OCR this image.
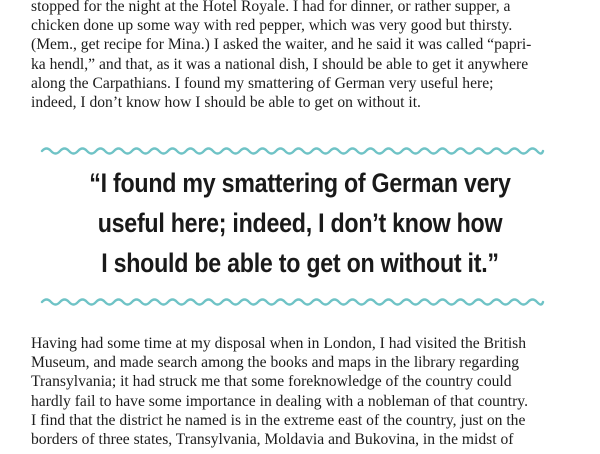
stopped for the night at the Hotel Royale. I had for dinner, or rather supper, a
chicken done up some way with red pepper, which was very good but thirsty.
(Mem., get recipe for Mina.) I asked the waiter, and he said it was called “papri-
ka hendl,” and that, as it was a national dish, I should be able to get it anywhere
along the Carpathians. I found my smattering of German very useful here;
indeed, I don’t know how I should be able to get on without it.

“I found my smattering of German very
useful here; indeed, I don’t know how
I should be able to get on without it.”

Having had some time at my disposal when in London, I had visited the British
Museum, and made search among the books and maps in the library regarding
Transylvania; it had struck me that some foreknowledge of the country could
hardly fail to have some importance in dealing with a nobleman of that country.
I find that the district he named is in the extreme east of the country, just on the
borders of three states, Transylvania, Moldavia and Bukovina, in the midst of
